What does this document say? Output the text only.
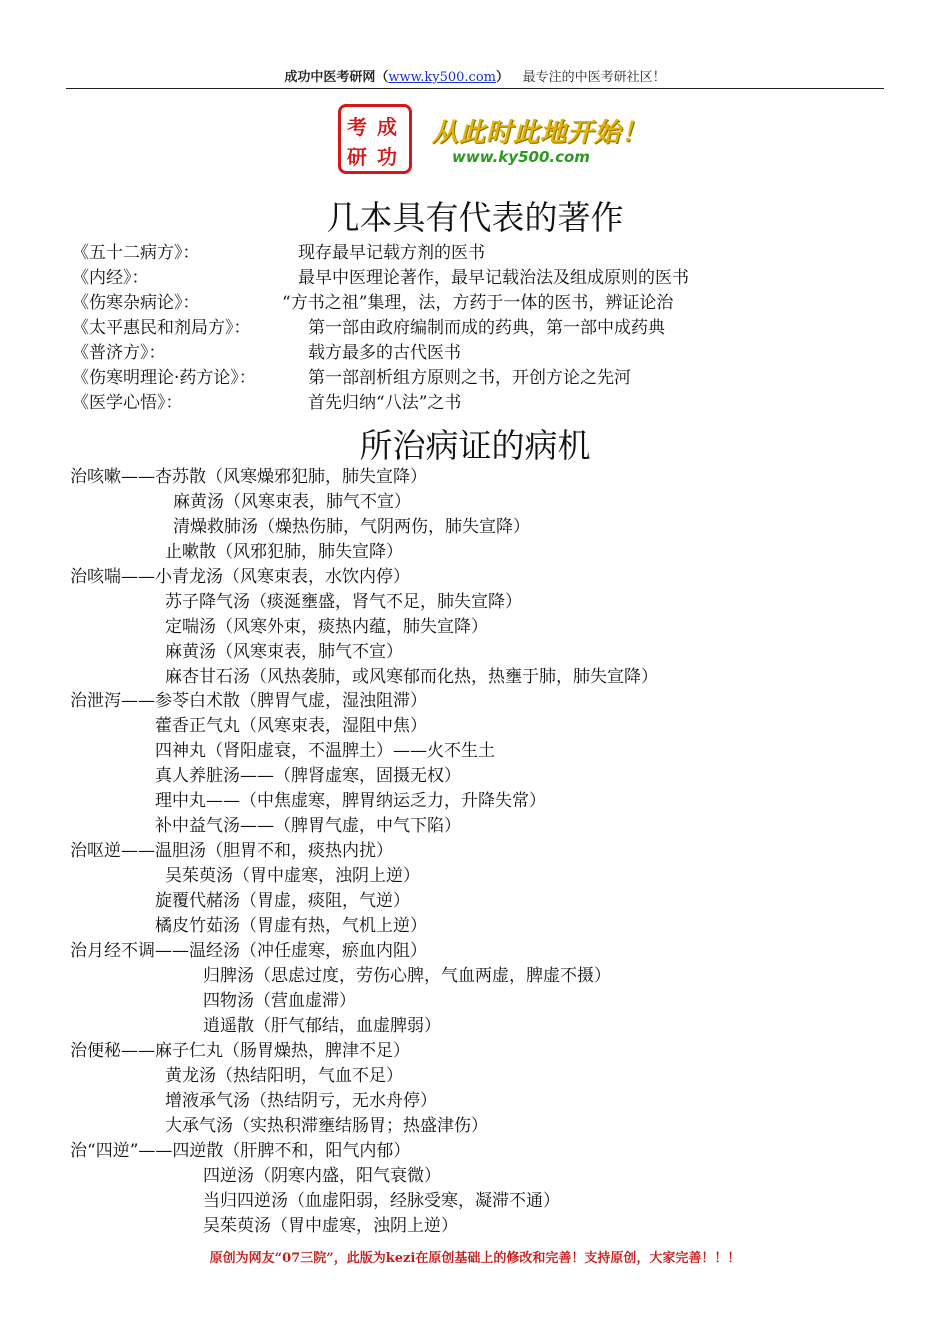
成功中医考研网（www.ky500.com） 最专注的中医考研社区！
考 成
研 功
从此时此地开始！
www.ky500.com
几本具有代表的著作
《五十二病方》：	现存最早记载方剂的医书
《内经》：	最早中医理论著作，最早记载治法及组成原则的医书
《伤寒杂病论》：	“方书之祖”集理，法，方药于一体的医书，辨证论治
《太平惠民和剂局方》：	第一部由政府编制而成的药典，第一部中成药典
《普济方》：	载方最多的古代医书
《伤寒明理论·药方论》：	第一部剖析组方原则之书，开创方论之先河
《医学心悟》：	首先归纳“八法”之书
所治病证的病机
治咳嗽——杏苏散（风寒燥邪犯肺，肺失宣降）
麻黄汤（风寒束表，肺气不宣）
清燥救肺汤（燥热伤肺，气阴两伤，肺失宣降）
止嗽散（风邪犯肺，肺失宣降）
治咳喘——小青龙汤（风寒束表，水饮内停）
苏子降气汤（痰涎壅盛，肾气不足，肺失宣降）
定喘汤（风寒外束，痰热内蕴，肺失宣降）
麻黄汤（风寒束表，肺气不宣）
麻杏甘石汤（风热袭肺，或风寒郁而化热，热壅于肺，肺失宣降）
治泄泻——参苓白术散（脾胃气虚，湿浊阻滞）
藿香正气丸（风寒束表，湿阻中焦）
四神丸（肾阳虚衰，不温脾土）——火不生土
真人养脏汤——（脾肾虚寒，固摄无权）
理中丸——（中焦虚寒，脾胃纳运乏力，升降失常）
补中益气汤——（脾胃气虚，中气下陷）
治呕逆——温胆汤（胆胃不和，痰热内扰）
吴茱萸汤（胃中虚寒，浊阴上逆）
旋覆代赭汤（胃虚，痰阻，气逆）
橘皮竹茹汤（胃虚有热，气机上逆）
治月经不调——温经汤（冲任虚寒，瘀血内阻）
归脾汤（思虑过度，劳伤心脾，气血两虚，脾虚不摄）
四物汤（营血虚滞）
逍遥散（肝气郁结，血虚脾弱）
治便秘——麻子仁丸（肠胃燥热，脾津不足）
黄龙汤（热结阳明，气血不足）
增液承气汤（热结阴亏，无水舟停）
大承气汤（实热积滞壅结肠胃；热盛津伤）
治“四逆”——四逆散（肝脾不和，阳气内郁）
四逆汤（阴寒内盛，阳气衰微）
当归四逆汤（血虚阳弱，经脉受寒，凝滞不通）
吴茱萸汤（胃中虚寒，浊阴上逆）
原创为网友“07三院”，此版为kezi在原创基础上的修改和完善！支持原创，大家完善！！！
